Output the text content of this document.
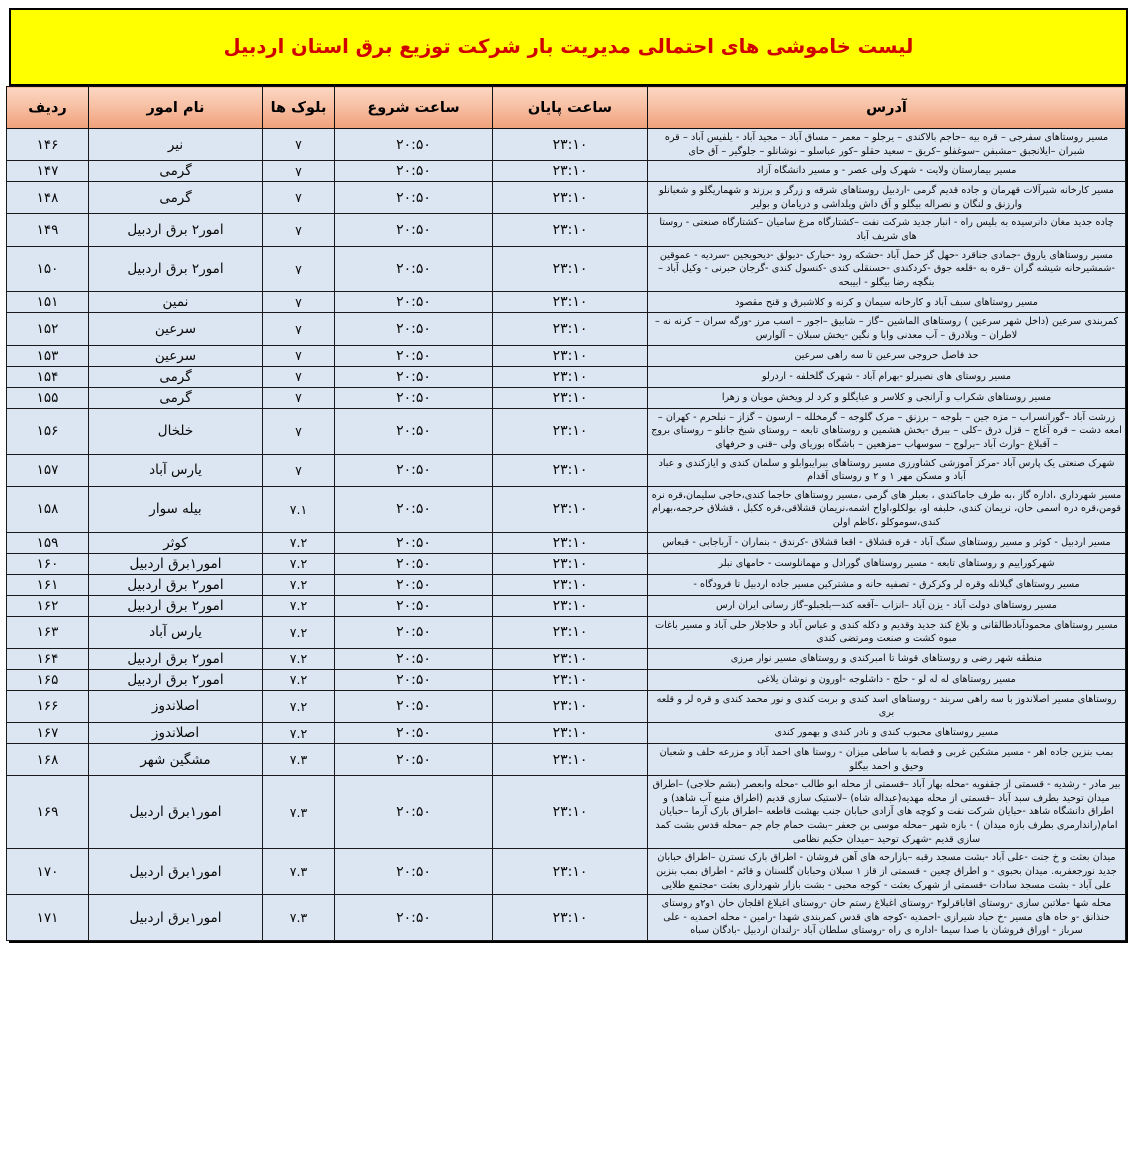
لیست خاموشی های احتمالی مدیریت بار شرکت توزیع برق استان اردبیل
آدرس	ساعت پایان	ساعت شروع	بلوک ها	نام امور	ردیف
مسیر روستاهای سفرجی – قره بیه –حاجم بالاکندی – یرجلو – معمر – مساق آباد – مجید آباد - یلفیس آباد – قره شبران –ایلانجبق –مشبفن –سوغفلو –کریق – سعید حقلو –کور عباسلو – نوشانلو – جلوگیر – آق حای	۲۳:۱۰	۲۰:۵۰	۷	نیر	۱۴۶
مسیر بیمارستان ولایت - شهرک ولی عصر - و مسیر دانشگاه آزاد	۲۳:۱۰	۲۰:۵۰	۷	گرمی	۱۴۷
مسیر کارخانه شیرآلات قهرمان و جاده قدیم گرمی -اردبیل روستاهای شرقه و زرگر و برزند و شهماریگلو و شعبانلو وارزنق و لنگان و نصراله بیگلو و آق داش ویلداشی و دریامان و بولیر	۲۳:۱۰	۲۰:۵۰	۷	گرمی	۱۴۸
چاده جدید مغان دانرسیده به بلیس راه - انبار جدید شرکت نفت –کشتارگاه مرغ سامیان –کشتارگاه صنعتی - روستا های شریف آباد	۲۳:۱۰	۲۰:۵۰	۷	امور۲ برق اردبیل	۱۴۹
مسیر روستاهای یاروق -جمادی جناقرد -حهل گز حمل آباد -حشکه رود -حبارک -دیولق -دیحویجین -سردیه - عموقین -شمشیرحانه شیشه گران –قره به -قلعه جوق -کردکندی -حسنقلی کندی -کنسول کندی -گرجان حبرنی - وکیل آباد –بنگچه رضا بیگلو - ابیبحه	۲۳:۱۰	۲۰:۵۰	۷	امور۲ برق اردبیل	۱۵۰
مسیر روستاهای سبف آباد و کارخانه سیمان و کرنه و کلاشبرق و قنح مقصود	۲۳:۱۰	۲۰:۵۰	۷	نمین	۱۵۱
کمربندی سرعین (داخل شهر سرعین ) روستاهای الماشین –گاز – شابیق –اجور – اسب مرز -ورگه سران – کرنه نه – لاطران – ویلادرق – آب معدنی وابا و نگین -یخش سبلان – آلوارس	۲۳:۱۰	۲۰:۵۰	۷	سرعین	۱۵۲
حد فاصل حروجی سرعین تا سه راهی سرعین	۲۳:۱۰	۲۰:۵۰	۷	سرعین	۱۵۳
مسیر روستای های نصیرلو -بهرام آباد - شهرک گلخلفه - اردرلو	۲۳:۱۰	۲۰:۵۰	۷	گرمی	۱۵۴
مسیر روستاهای شکراب و آرانجی و کلاسر و عبایگلو و کرد لر ویخش مویان و زهرا	۲۳:۱۰	۲۰:۵۰	۷	گرمی	۱۵۵
زرشت آباد –گورانسراب – مزه جین – بلوجه – برزنق – مرک گلوجه – گرمخلله – ارسون – گزاز – نبلحرم - کهران – امعه دشت – قره آغاج – قزل درق –کلی – ببرق -بخش هشمین و روستاهای تابعه – روستای شبخ جانلو – روستای بروج – آقبلاغ –وارث آباد –برلوج – سوسهاب –مزهعین – باشگاه بوریای ولی –قنی و حرفهای	۲۳:۱۰	۲۰:۵۰	۷	خلخال	۱۵۶
شهرک صنعتی یک پارس آباد -مرکز آموزشی کشاورزی مسیر روستاهای ببرایبوابلو و سلمان کندی و ایازکندی و عباد آباد و مسکن مهر ۱ و ۲ و روستای آقدام	۲۳:۱۰	۲۰:۵۰	۷	یارس آباد	۱۵۷
مسیر شهرداری ،اداره گاز ،به طرف جاماکندی ، بعبلر های گرمی ،مسیر روستاهای حاجما کندی،حاجی سلیمان،قره نره قومن،قره دره اسمی حان، نریمان کندی، حلبفه او، بولکلو،اواح اشمه،نریمان قشلاقی،قره ککبل ، قشلاق حرجمه،بهرام کندی،سوموکلو ،کاظم اولن	۲۳:۱۰	۲۰:۵۰	۷.۱	بیله سوار	۱۵۸
مسیر اردبیل - کوثر و مسیر روستاهای سنگ آباد - قره قشلاق - اقعا قشلاق -کرندق - بنماران - آرباجابی - قبعاس	۲۳:۱۰	۲۰:۵۰	۷.۲	کوثر	۱۵۹
شهرکوراییم و روستاهای تابعه - مسیر روستاهای گورادل و مهمانلوست - حامهای نبلر	۲۳:۱۰	۲۰:۵۰	۷.۲	امور۱برق اردبیل	۱۶۰
مسیر روستاهای گیلانله وقره لر وکرکرق - تصفیه حانه و مشترکین مسیر جاده اردبیل تا فرودگاه -	۲۳:۱۰	۲۰:۵۰	۷.۲	امور۲ برق اردبیل	۱۶۱
مسیر روستاهای دولت آباد - یزن آباد –انزاب –آقعه کند—بلجبلو–گاز رسانی ایران ارس	۲۳:۱۰	۲۰:۵۰	۷.۲	امور۲ برق اردبیل	۱۶۲
مسیر روستاهای محمودآبادطالقانی و بلاغ کند جدید وقدیم و دکله کندی و عباس آباد و حلاجلار حلی آباد و مسیر باغات مبوه کشت و صنعت ومرتضی کندی	۲۳:۱۰	۲۰:۵۰	۷.۲	یارس آباد	۱۶۳
منطقه شهر رضی و روستاهای قوشا تا امبرکندی و روستاهای مسیر نوار مرزی	۲۳:۱۰	۲۰:۵۰	۷.۲	امور۲ برق اردبیل	۱۶۴
مسیر روستاهای له له لو - حلج - داشلوجه -اورون و نوشان یلاغی	۲۳:۱۰	۲۰:۵۰	۷.۲	امور۲ برق اردبیل	۱۶۵
روستاهای مسیر اصلاندوز با سه راهی سربند - روستاهای اسد کندی و بربت کندی و نور محمد کندی و قره لر و قلعه بری	۲۳:۱۰	۲۰:۵۰	۷.۲	اصلاندوز	۱۶۶
مسیر روستاهای محبوب کندی و نادر کندی و بهمور کندی	۲۳:۱۰	۲۰:۵۰	۷.۲	اصلاندوز	۱۶۷
بمب بنزین جاده اهر - مسیر مشکین غربی و قصابه با ساطی میزان - روستا های احمد آباد و مزرعه حلف و شعبان وحیق و احمد بیگلو	۲۳:۱۰	۲۰:۵۰	۷.۳	مشگین شهر	۱۶۸
بیر مادر - رشدیه - قسمتی از جقفویه -محله بهار آباد –قسمتی از محله ابو طالب -محله وابعصر (بشم حلاجی) –اطراق میدان توحید بطرف سبد آباد –قسمتی از محله مهدیه(عبداله شاه) –لاستیک سازی قدیم (اطراق منبع آب شاهد) و اطراق دانشگاه شاهد -حبایان شرکت نفت و کوچه های آزادی حبابان جنب بهشت قاطعه –اطراق بازک آرما –حبایان امام(راندارمری بطرف بازه میدان ) - بازه شهر –محله موسی بن جعفر –بشت حمام جام جم –محله قدس بشت کمد سازی قدیم -شهرک توحید –میدان حکیم نظامی	۲۳:۱۰	۲۰:۵۰	۷.۳	امور۱برق اردبیل	۱۶۹
میدان بعثت و خ جنت -علی آباد -بشت مسجد رقبه –بازارحه های آهن فروشان - اطراق بارک نسترن –اطراق حبابان جدید نورجعفربه. میدان بحبوی - و اطراق چعین - قسمتی از قاز ۱ سبلان وحبابان گلسنان و قائم - اطراق بمب بنزین علی آباد - بشت مسجد سادات -قسمتی از شهرک بعثت - کوجه محبی - بشت بازار شهرداری بعثت -مجتمع طلایی	۲۳:۱۰	۲۰:۵۰	۷.۳	امور۱برق اردبیل	۱۷۰
محله شها -ملاتبن سازی -روستای اقاباقرلو۲ -روستای اغبلاغ رستم حان -روستای اغبلاغ اقلجان حان ۱و۲و روستای حنذانق -و حاه های مسیر -خ حباد شیرازی -احمدیه -کوجه های قدس کمربندی شهدا -رامین - محله احمدیه - علی سرباز - اوراق فروشان با صدا سیما -اداره ی راه -روستای سلطان آباد -زلندان اردبیل -بادگان سباه	۲۳:۱۰	۲۰:۵۰	۷.۳	امور۱برق اردبیل	۱۷۱
